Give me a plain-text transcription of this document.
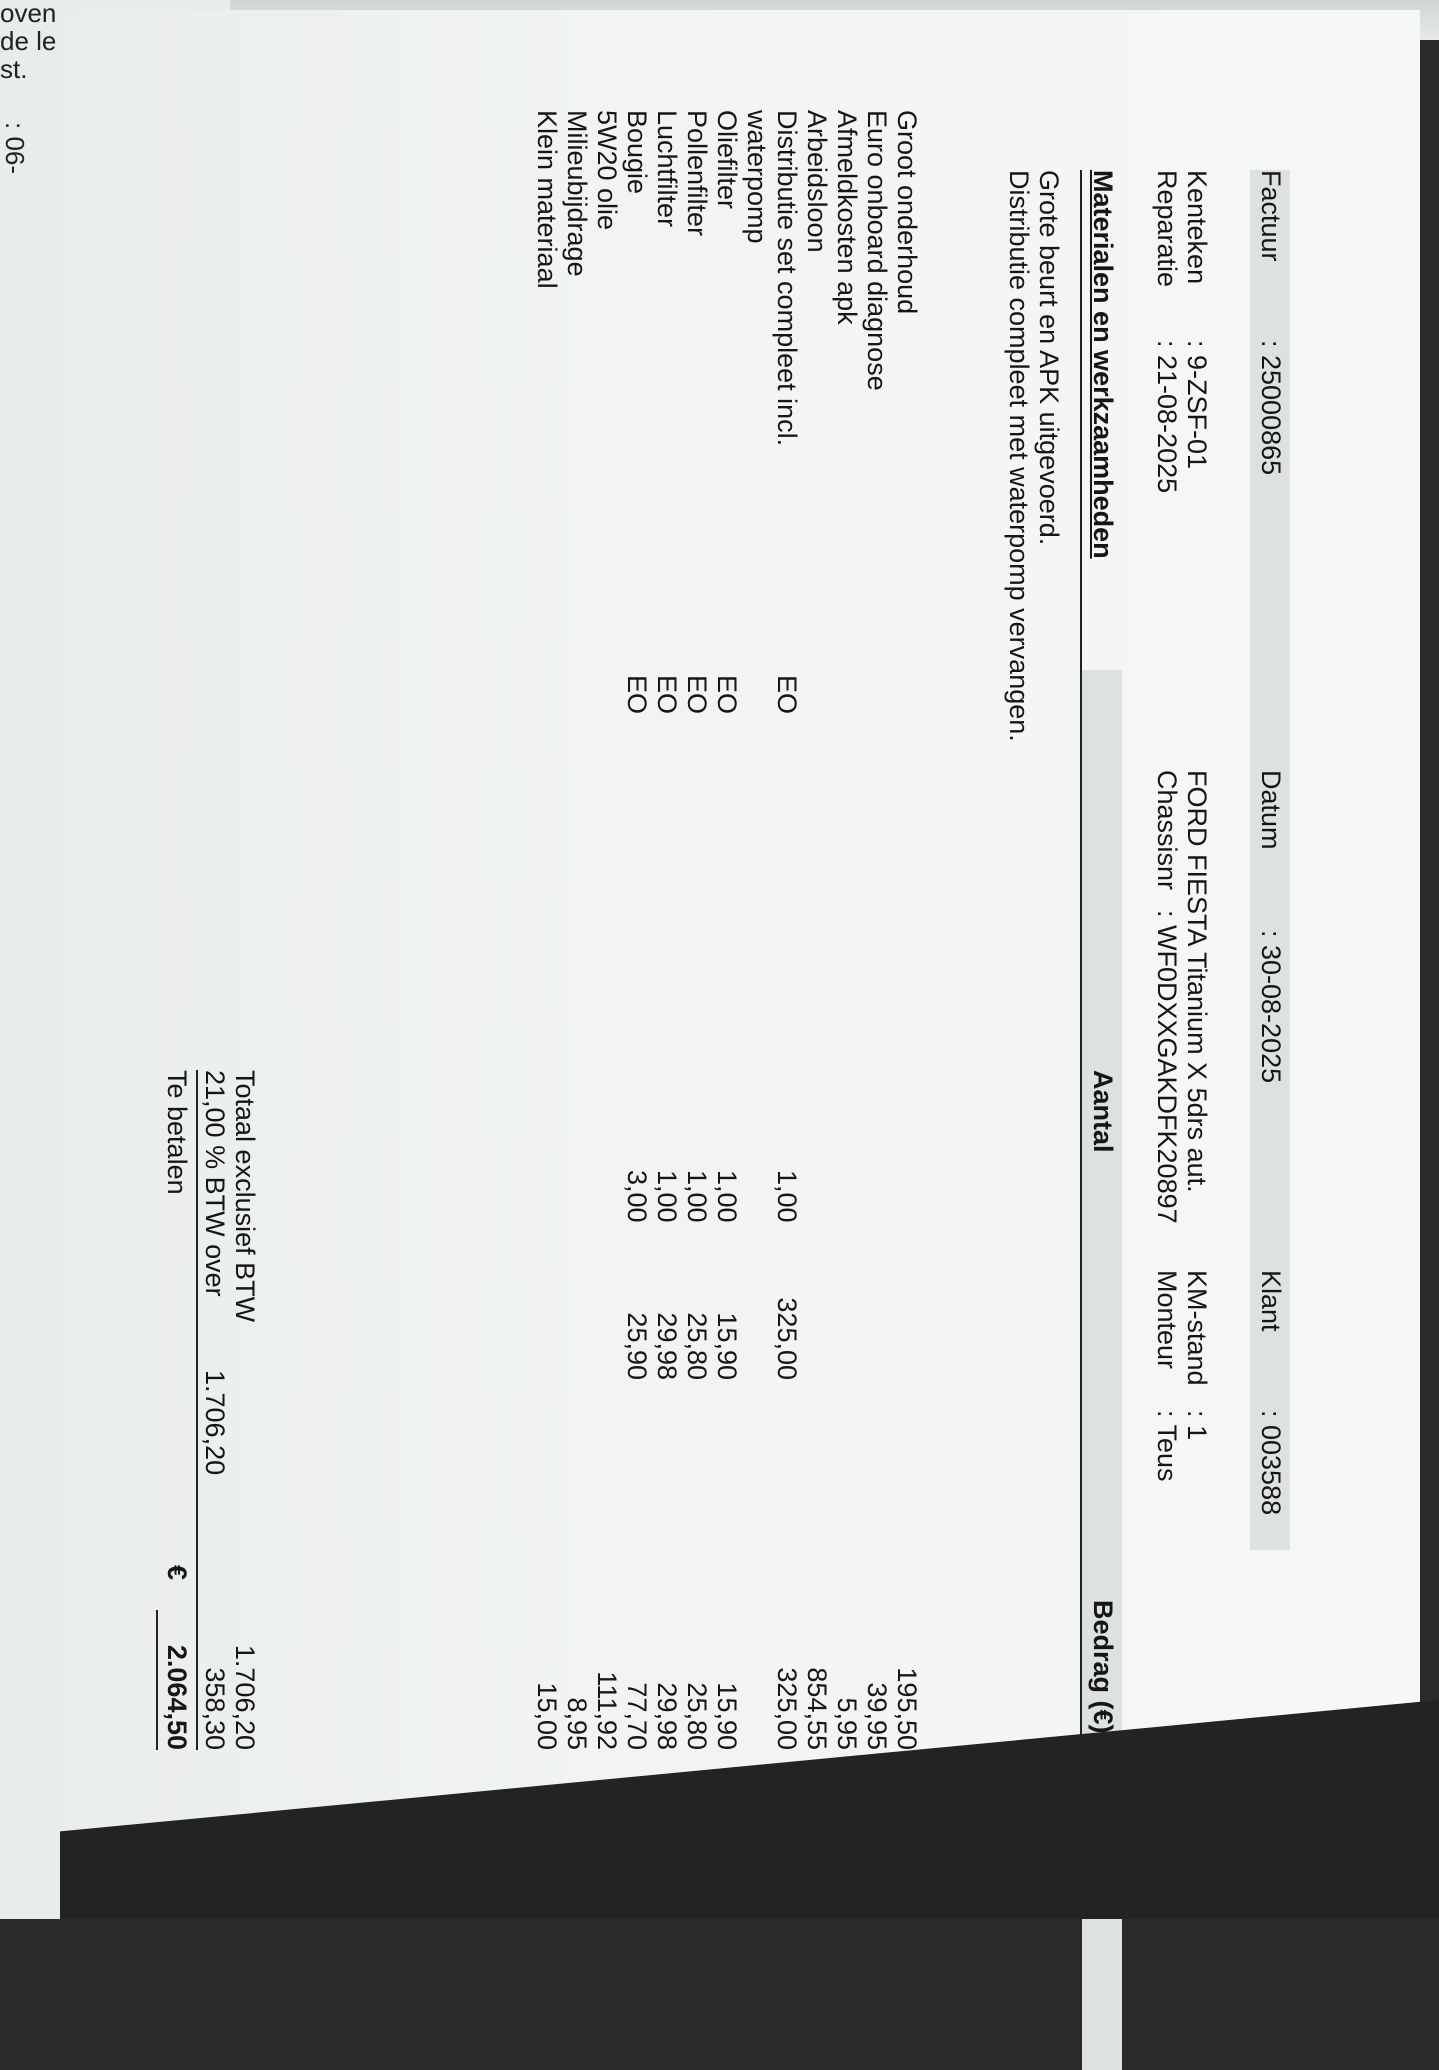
oven
de le
st.
: 06-
Factuur
: 25000865
Datum
: 30-08-2025
Klant
: 003588
Kenteken
: 9-ZSF-01
FORD FIESTA Titanium X 5drs aut.
KM-stand
: 1
Reparatie
: 21-08-2025
Chassisnr
: WF0DXXGAKDFK20897
Monteur
: Teus
Materialen en werkzaamheden
Aantal
Bedrag (€)
Grote beurt en APK uitgevoerd.
Distributie compleet met waterpomp vervangen.
Groot onderhoud
195,50
Euro onboard diagnose
39,95
Afmeldkosten apk
5,95
Arbeidsloon
854,55
Distributie set compleet incl.
EO
1,00
325,00
325,00
waterpomp
Oliefilter
EO
1,00
15,90
15,90
Pollenfilter
EO
1,00
25,80
25,80
Luchtfilter
EO
1,00
29,98
29,98
Bougie
EO
3,00
25,90
77,70
5W20 olie
111,92
Milieubijdrage
8,95
Klein materiaal
15,00
Totaal exclusief BTW
1.706,20
21,00 % BTW over
1.706,20
358,30
Te betalen
€
2.064,50
